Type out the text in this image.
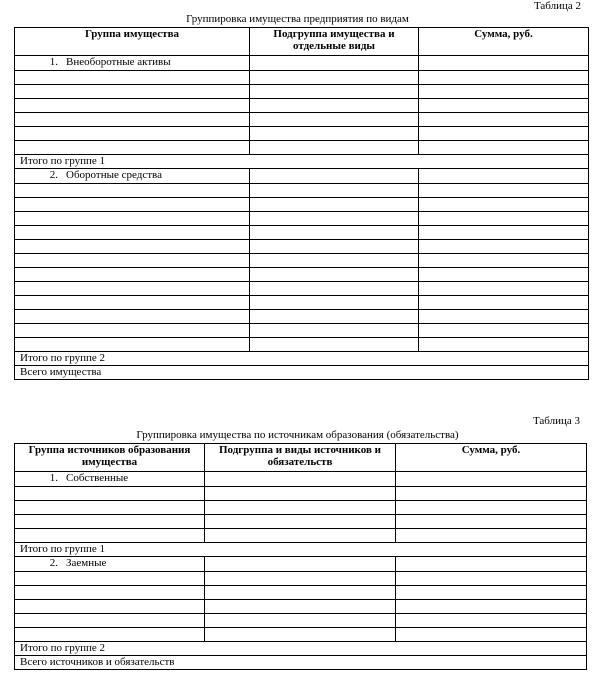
Таблица 2
Группировка имущества предприятия по видам
Группа имущества	Подгруппа имущества и отдельные виды	Сумма, руб.
1. Внеоборотные активы		

Итого по группе 1		
2. Оборотные средства		

Итого по группе 2		
Всего имущества		
Таблица 3
Группировка имущества по источникам образования (обязательства)
Группа источников образования имущества	Подгруппа и виды источников и обязательств	Сумма, руб.
1. Собственные		

Итого по группе 1		
2. Заемные		

Итого по группе 2		
Всего источников и обязательств		
